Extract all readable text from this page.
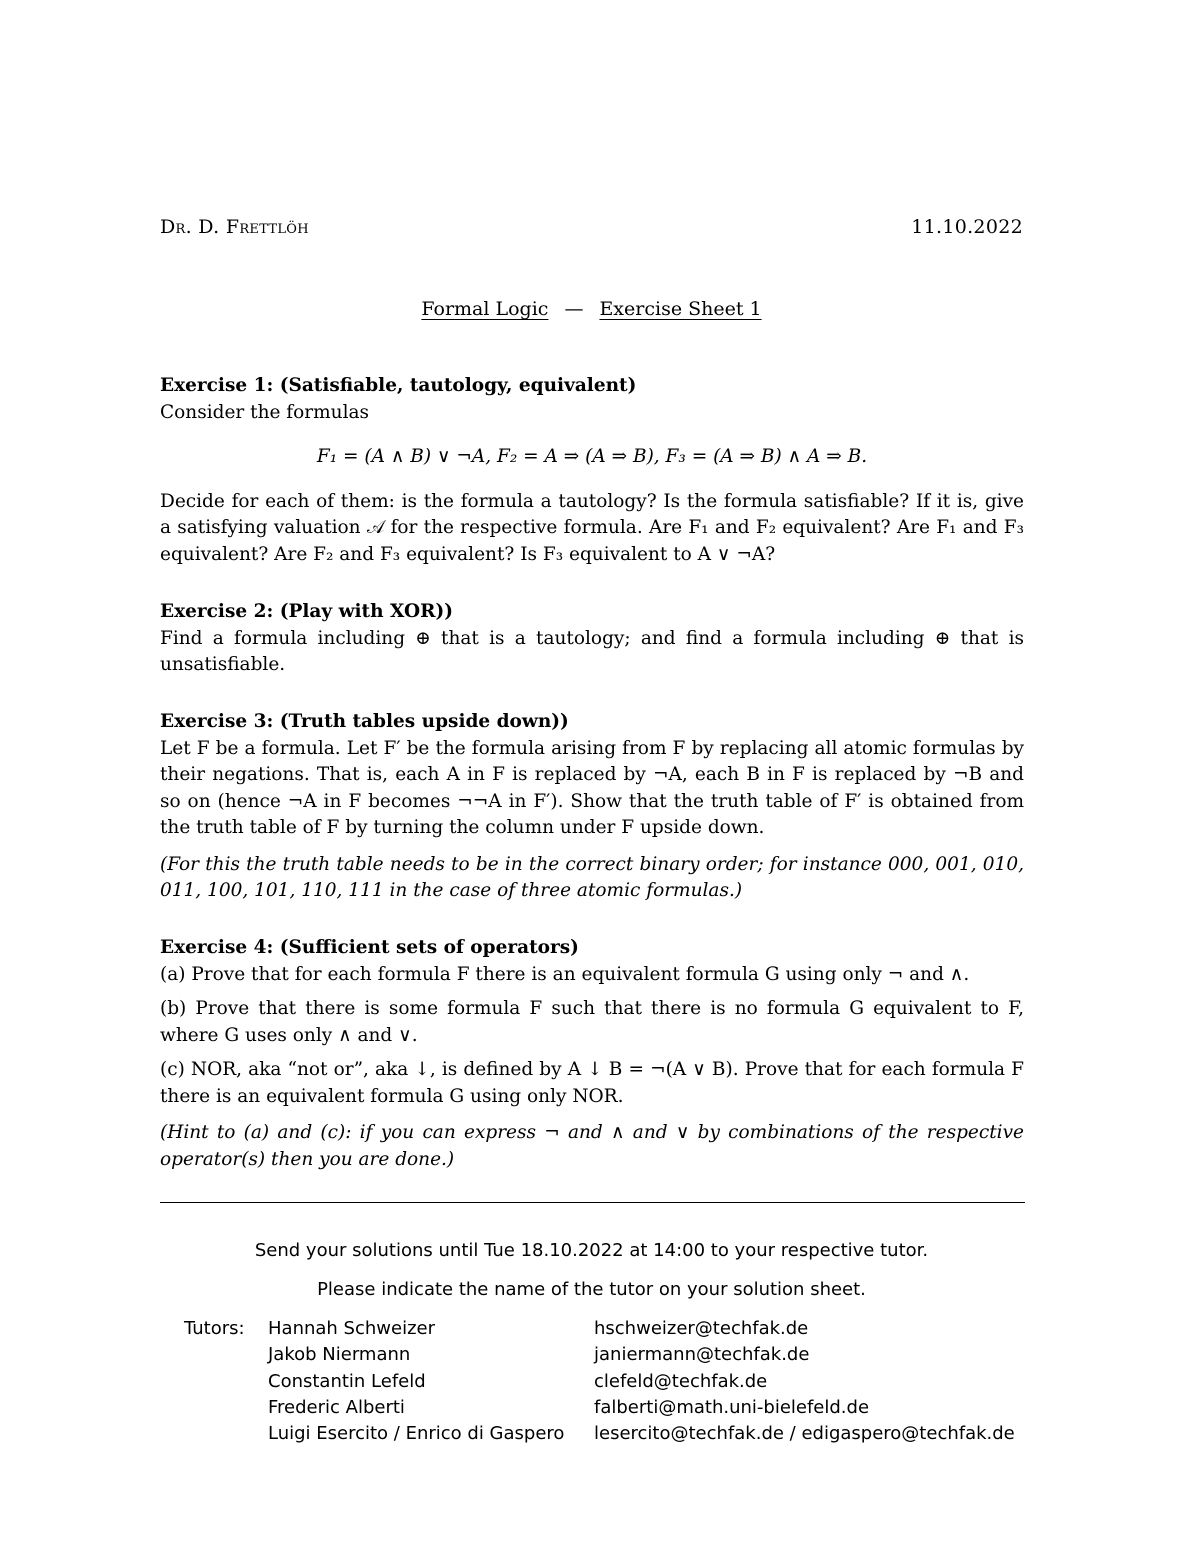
Dr. D. Frettlöh	11.10.2022
Formal Logic — Exercise Sheet 1
Exercise 1: (Satisfiable, tautology, equivalent)

Consider the formulas

F₁ = (A ∧ B) ∨ ¬A, F₂ = A ⇒ (A ⇒ B), F₃ = (A ⇒ B) ∧ A ⇒ B.

Decide for each of them: is the formula a tautology? Is the formula satisfiable? If it is, give a satisfying valuation 𝒜 for the respective formula. Are F₁ and F₂ equivalent? Are F₁ and F₃ equivalent? Are F₂ and F₃ equivalent? Is F₃ equivalent to A ∨ ¬A?

Exercise 2: (Play with XOR))

Find a formula including ⊕ that is a tautology; and find a formula including ⊕ that is unsatisfiable.

Exercise 3: (Truth tables upside down))

Let F be a formula. Let F′ be the formula arising from F by replacing all atomic formulas by their negations. That is, each A in F is replaced by ¬A, each B in F is replaced by ¬B and so on (hence ¬A in F becomes ¬¬A in F′). Show that the truth table of F′ is obtained from the truth table of F by turning the column under F upside down.

(For this the truth table needs to be in the correct binary order; for instance 000, 001, 010, 011, 100, 101, 110, 111 in the case of three atomic formulas.)

Exercise 4: (Sufficient sets of operators)

(a) Prove that for each formula F there is an equivalent formula G using only ¬ and ∧.

(b) Prove that there is some formula F such that there is no formula G equivalent to F, where G uses only ∧ and ∨.

(c) NOR, aka “not or”, aka ↓, is defined by A ↓ B = ¬(A ∨ B). Prove that for each formula F there is an equivalent formula G using only NOR.

(Hint to (a) and (c): if you can express ¬ and ∧ and ∨ by combinations of the respective operator(s) then you are done.)

Send your solutions until Tue 18.10.2022 at 14:00 to your respective tutor.
Please indicate the name of the tutor on your solution sheet.
Tutors:	Hannah Schweizer	hschweizer@techfak.de
	Jakob Niermann	janiermann@techfak.de
	Constantin Lefeld	clefeld@techfak.de
	Frederic Alberti	falberti@math.uni-bielefeld.de
	Luigi Esercito / Enrico di Gaspero	lesercito@techfak.de / edigaspero@techfak.de
